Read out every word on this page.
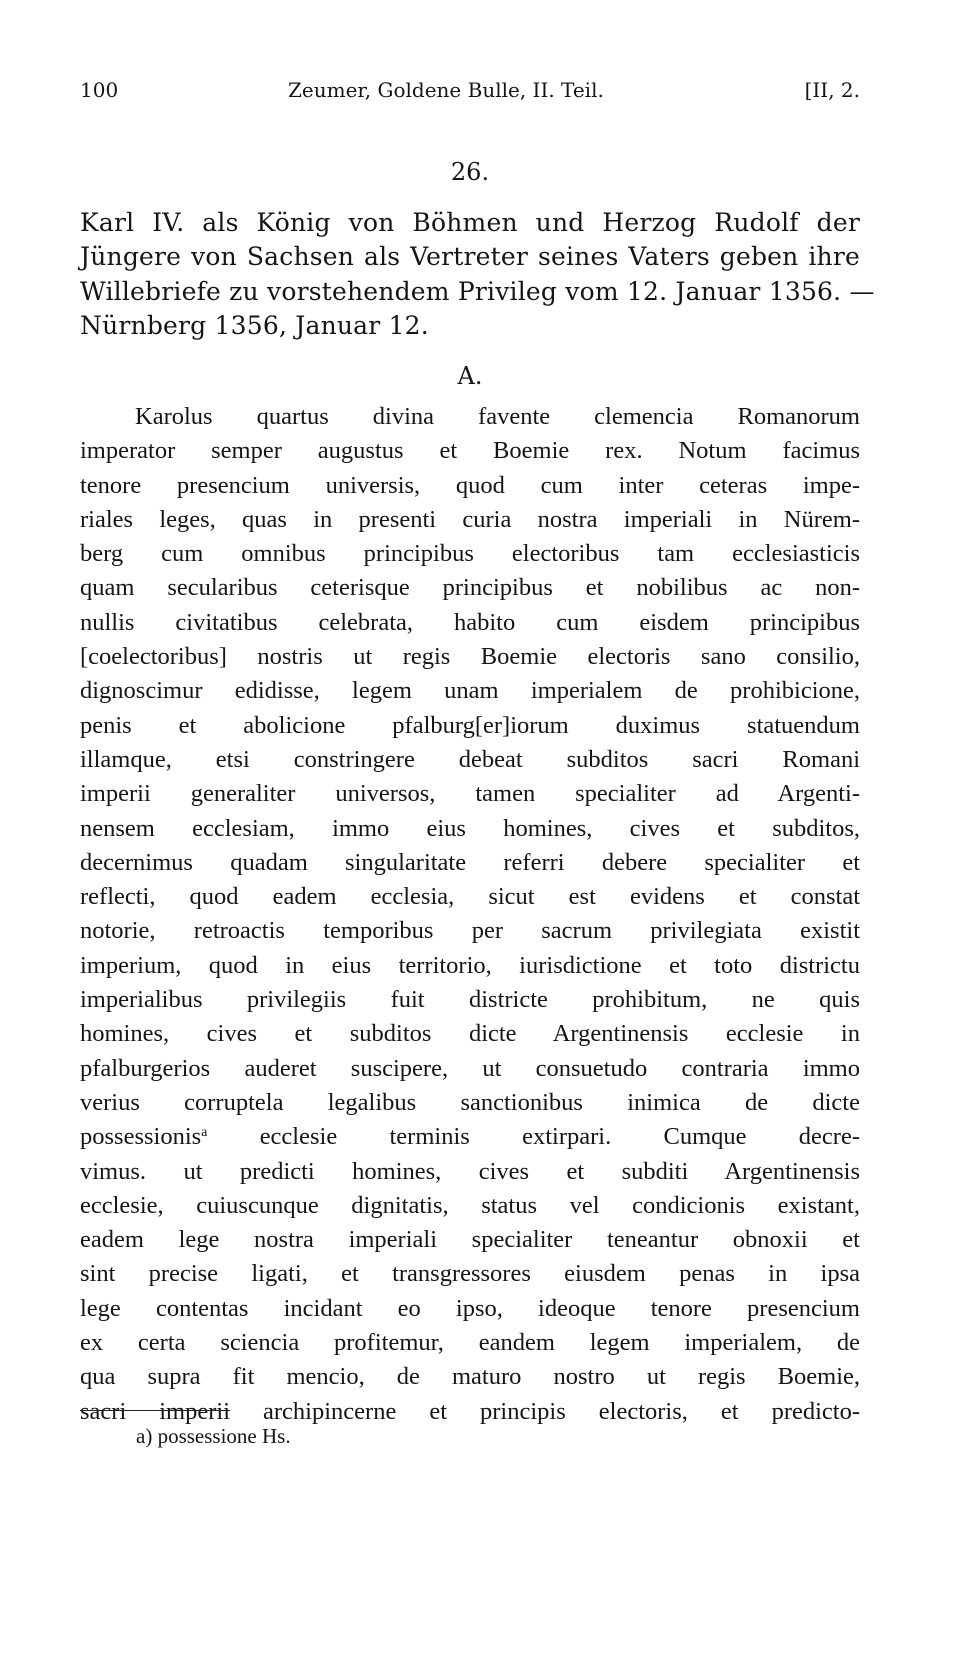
100	Zeumer, Goldene Bulle, II. Teil.	[II, 2.
26.
Karl IV. als König von Böhmen und Herzog Rudolf der
Jüngere von Sachsen als Vertreter seines Vaters geben ihre
Willebriefe zu vorstehendem Privileg vom 12. Januar 1356. —
Nürnberg 1356, Januar 12.
A.
Karolus quartus divina favente clemencia Romanorum
imperator semper augustus et Boemie rex. Notum facimus
tenore presencium universis, quod cum inter ceteras impe-
riales leges, quas in presenti curia nostra imperiali in Nürem-
berg cum omnibus principibus electoribus tam ecclesiasticis
quam secularibus ceterisque principibus et nobilibus ac non-
nullis civitatibus celebrata, habito cum eisdem principibus
[coelectoribus] nostris ut regis Boemie electoris sano consilio,
dignoscimur edidisse, legem unam imperialem de prohibicione,
penis et abolicione pfalburg[er]iorum duximus statuendum
illamque, etsi constringere debeat subditos sacri Romani
imperii generaliter universos, tamen specialiter ad Argenti-
nensem ecclesiam, immo eius homines, cives et subditos,
decernimus quadam singularitate referri debere specialiter et
reflecti, quod eadem ecclesia, sicut est evidens et constat
notorie, retroactis temporibus per sacrum privilegiata existit
imperium, quod in eius territorio, iurisdictione et toto districtu
imperialibus privilegiis fuit districte prohibitum, ne quis
homines, cives et subditos dicte Argentinensis ecclesie in
pfalburgerios auderet suscipere, ut consuetudo contraria immo
verius corruptela legalibus sanctionibus inimica de dicte
possessionis$^a$ ecclesie terminis extirpari. Cumque decre-
vimus. ut predicti homines, cives et subditi Argentinensis
ecclesie, cuiuscunque dignitatis, status vel condicionis existant,
eadem lege nostra imperiali specialiter teneantur obnoxii et
sint precise ligati, et transgressores eiusdem penas in ipsa
lege contentas incidant eo ipso, ideoque tenore presencium
ex certa sciencia profitemur, eandem legem imperialem, de
qua supra fit mencio, de maturo nostro ut regis Boemie,
sacri imperii archipincerne et principis electoris, et predicto-
a) possessione Hs.
